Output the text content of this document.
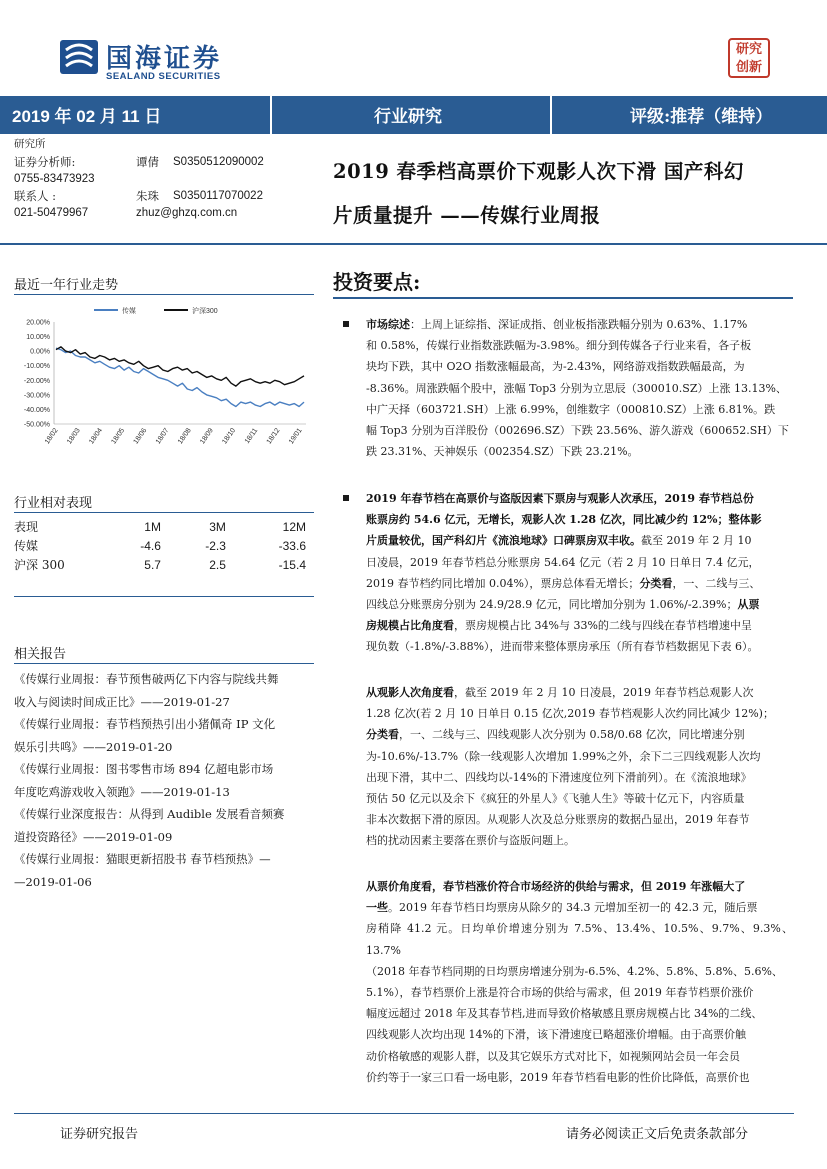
国海证券
SEALAND SECURITIES
研究
创新
2019 年 02 月 11 日	行业研究	评级:推荐（维持）
研究所
证券分析师:	谭倩 S0350512090002
0755-83473923
联系人 :	朱珠 S0350117070022
021-50479967	zhuz@ghzq.com.cn
2019 春季档高票价下观影人次下滑 国产科幻
片质量提升 ——传媒行业周报
最近一年行业走势
传媒	沪深300
20.00%
10.00%
0.00%
-10.00%
-20.00%
-30.00%
-40.00%
-50.00%
18/02 18/03 18/04 18/05 18/06 18/07 18/08 18/09 18/10 18/11 18/12 19/01
行业相对表现
表现	1M	3M	12M
传媒	-4.6	-2.3	-33.6
沪深 300	5.7	2.5	-15.4
相关报告
《传媒行业周报：春节预售破两亿下内容与院线共舞
收入与阅读时间成正比》——2019-01-27
《传媒行业周报：春节档预热引出小猪佩奇 IP 文化
娱乐引共鸣》——2019-01-20
《传媒行业周报：图书零售市场 894 亿超电影市场
年度吃鸡游戏收入领跑》——2019-01-13
《传媒行业深度报告：从得到 Audible 发展看音频赛
道投资路径》——2019-01-09
《传媒行业周报：猫眼更新招股书 春节档预热》—
—2019-01-06
投资要点:
市场综述：上周上证综指、深证成指、创业板指涨跌幅分别为 0.63%、1.17%
和 0.58%，传媒行业指数涨跌幅为-3.98%。细分到传媒各子行业来看，各子板
块均下跌，其中 O2O 指数涨幅最高，为-2.43%，网络游戏指数跌幅最高，为
-8.36%。周涨跌幅个股中，涨幅 Top3 分别为立思辰（300010.SZ）上涨 13.13%、
中广天择（603721.SH）上涨 6.99%，创维数字（000810.SZ）上涨 6.81%。跌
幅 Top3 分别为百洋股份（002696.SZ）下跌 23.56%、游久游戏（600652.SH）下
跌 23.31%、天神娱乐（002354.SZ）下跌 23.21%。
2019 年春节档在高票价与盗版因素下票房与观影人次承压，2019 春节档总份
账票房约 54.6 亿元，无增长，观影人次 1.28 亿次，同比减少约 12%；整体影
片质量较优，国产科幻片《流浪地球》口碑票房双丰收。截至 2019 年 2 月 10
日凌晨，2019 年春节档总分账票房 54.64 亿元（若 2 月 10 日单日 7.4 亿元，
2019 春节档约同比增加 0.04%），票房总体看无增长；分类看，一、二线与三、
四线总分账票房分别为 24.9/28.9 亿元，同比增加分别为 1.06%/-2.39%；从票
房规模占比角度看，票房规模占比 34%与 33%的二线与四线在春节档增速中呈
现负数（-1.8%/-3.88%），进而带来整体票房承压（所有春节档数据见下表 6）。
从观影人次角度看，截至 2019 年 2 月 10 日凌晨，2019 年春节档总观影人次
1.28 亿次(若 2 月 10 日单日 0.15 亿次,2019 春节档观影人次约同比减少 12%)；
分类看，一、二线与三、四线观影人次分别为 0.58/0.68 亿次，同比增速分别
为-10.6%/-13.7%（除一线观影人次增加 1.99%之外，余下二三四线观影人次均
出现下滑，其中二、四线均以-14%的下滑速度位列下滑前列）。在《流浪地球》
预估 50 亿元以及余下《疯狂的外星人》《飞驰人生》等破十亿元下，内容质量
非本次数据下滑的原因。从观影人次及总分账票房的数据凸显出，2019 年春节
档的扰动因素主要落在票价与盗版问题上。
从票价角度看，春节档涨价符合市场经济的供给与需求，但 2019 年涨幅大了
一些。2019 年春节档日均票房从除夕的 34.3 元增加至初一的 42.3 元，随后票
房稍降 41.2 元。日均单价增速分别为 7.5%、13.4%、10.5%、9.7%、9.3%、13.7%
（2018 年春节档同期的日均票房增速分别为-6.5%、4.2%、5.8%、5.8%、5.6%、
5.1%），春节档票价上涨是符合市场的供给与需求，但 2019 年春节档票价涨价
幅度远超过 2018 年及其春节档,进而导致价格敏感且票房规模占比 34%的二线、
四线观影人次均出现 14%的下滑，该下滑速度已略超涨价增幅。由于高票价触
动价格敏感的观影人群，以及其它娱乐方式对比下，如视频网站会员一年会员
价约等于一家三口看一场电影，2019 年春节档看电影的性价比降低，高票价也
证券研究报告	请务必阅读正文后免责条款部分
